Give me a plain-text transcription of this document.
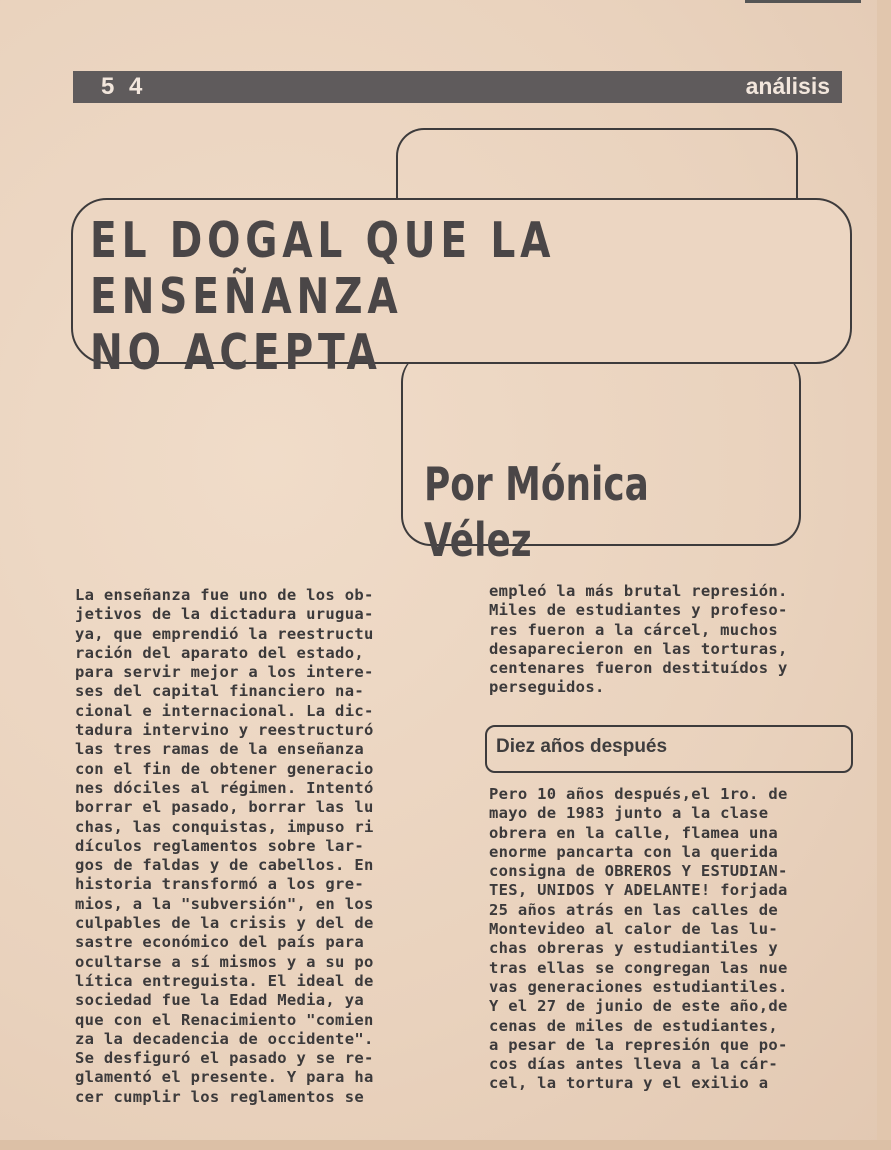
5 4	análisis
EL DOGAL QUE LA ENSEÑANZA
NO ACEPTA
Por Mónica Vélez

La enseñanza fue uno de los ob-
jetivos de la dictadura urugua-
ya, que emprendió la reestructu
ración del aparato del estado,
para servir mejor a los intere-
ses del capital financiero na-
cional e internacional. La dic-
tadura intervino y reestructuró
las tres ramas de la enseñanza
con el fin de obtener generacio
nes dóciles al régimen. Intentó
borrar el pasado, borrar las lu
chas, las conquistas, impuso ri
dículos reglamentos sobre lar-
gos de faldas y de cabellos. En
historia transformó a los gre-
mios, a la "subversión", en los
culpables de la crisis y del de
sastre económico del país para
ocultarse a sí mismos y a su po
lítica entreguista. El ideal de
sociedad fue la Edad Media, ya
que con el Renacimiento "comien
za la decadencia de occidente".
Se desfiguró el pasado y se re-
glamentó el presente. Y para ha
cer cumplir los reglamentos se

empleó la más brutal represión.
Miles de estudiantes y profeso-
res fueron a la cárcel, muchos
desaparecieron en las torturas,
centenares fueron destituídos y
perseguidos.

Diez años después

Pero 10 años después,el 1ro. de
mayo de 1983 junto a la clase
obrera en la calle, flamea una
enorme pancarta con la querida
consigna de OBREROS Y ESTUDIAN-
TES, UNIDOS Y ADELANTE! forjada
25 años atrás en las calles de
Montevideo al calor de las lu-
chas obreras y estudiantiles y
tras ellas se congregan las nue
vas generaciones estudiantiles.
Y el 27 de junio de este año,de
cenas de miles de estudiantes,
a pesar de la represión que po-
cos días antes lleva a la cár-
cel, la tortura y el exilio a
